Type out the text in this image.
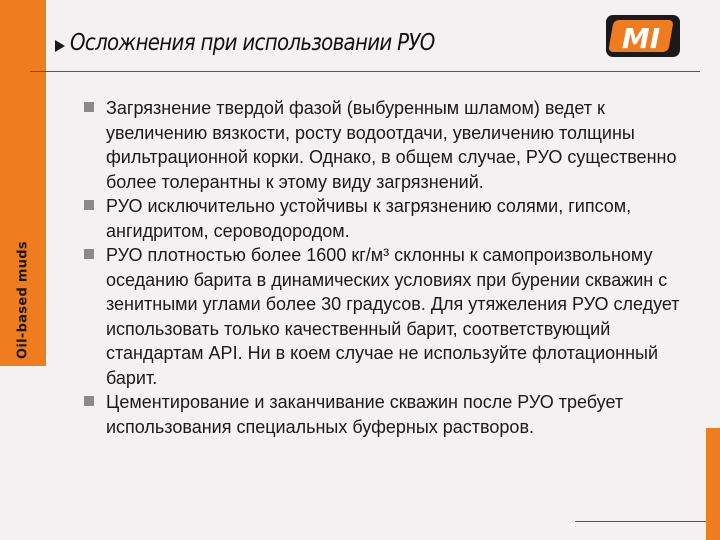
Oil-based muds
Осложнения при использовании РУО	MI
Загрязнение твердой фазой (выбуренным шламом) ведет к увеличению вязкости, росту водоотдачи, увеличению толщины фильтрационной корки. Однако, в общем случае, РУО существенно более толерантны к этому виду загрязнений.
РУО исключительно устойчивы к загрязнению солями, гипсом, ангидритом, сероводородом.
РУО плотностью более 1600 кг/м³ склонны к самопроизвольному оседанию барита в динамических условиях при бурении скважин с зенитными углами более 30 градусов. Для утяжеления РУО следует использовать только качественный барит, соответствующий стандартам API. Ни в коем случае не используйте флотационный барит.
Цементирование и заканчивание скважин после РУО требует использования специальных буферных растворов.
